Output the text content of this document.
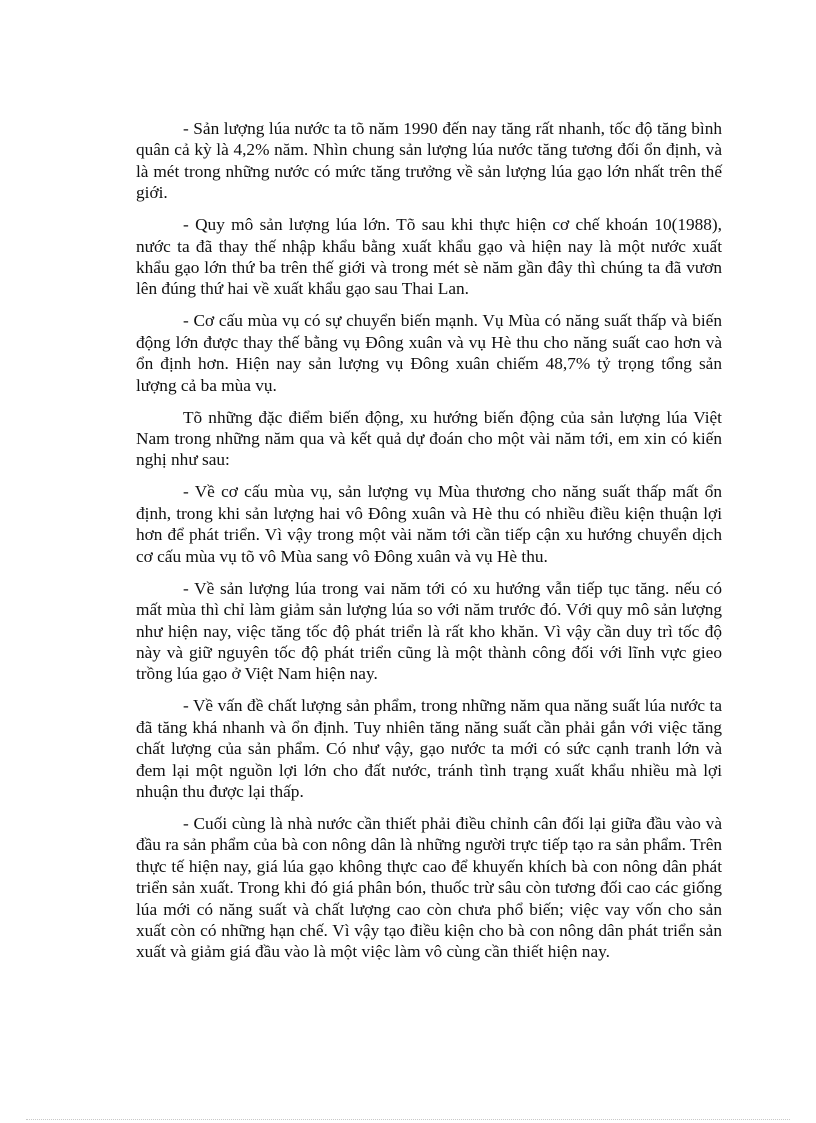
- Sản lượng lúa nước ta tõ năm 1990 đến nay tăng rất nhanh, tốc độ tăng bình quân cả kỳ là 4,2% năm. Nhìn chung sản lượng lúa nước tăng tương đối ổn định, và là mét trong những nước có mức tăng trưởng về sản lượng lúa gạo lớn nhất trên thế giới.

- Quy mô sản lượng lúa lớn. Tõ sau khi thực hiện cơ chế khoán 10(1988), nước ta đã thay thế nhập khẩu bằng xuất khẩu gạo và hiện nay là một nước xuất khẩu gạo lớn thứ ba trên thế giới và trong mét sè năm gần đây thì chúng ta đã vươn lên đúng thứ hai về xuất khẩu gạo sau Thai Lan.

- Cơ cấu mùa vụ có sự chuyển biến mạnh. Vụ Mùa có năng suất thấp và biến động lớn được thay thế bằng vụ Đông xuân và vụ Hè thu cho năng suất cao hơn và ổn định hơn. Hiện nay sản lượng vụ Đông xuân chiếm 48,7% tỷ trọng tổng sản lượng cả ba mùa vụ.

Tõ những đặc điểm biến động, xu hướng biến động của sản lượng lúa Việt Nam trong những năm qua và kết quả dự đoán cho một vài năm tới, em xin có kiến nghị như sau:

- Về cơ cấu mùa vụ, sản lượng vụ Mùa thương cho năng suất thấp mất ổn định, trong khi sản lượng hai vô Đông xuân và Hè thu có nhiều điều kiện thuận lợi hơn để phát triển. Vì vậy trong một vài năm tới cần tiếp cận xu hướng chuyển dịch cơ cấu mùa vụ tõ vô Mùa sang vô Đông xuân và vụ Hè thu.

- Về sản lượng lúa trong vai năm tới có xu hướng vẫn tiếp tục tăng. nếu có mất mùa thì chỉ làm giảm sản lượng lúa so với năm trước đó. Với quy mô sản lượng như hiện nay, việc tăng tốc độ phát triển là rất kho khăn. Vì vậy cần duy trì tốc độ này và giữ nguyên tốc độ phát triển cũng là một thành công đối với lĩnh vực gieo trồng lúa gạo ở Việt Nam hiện nay.

- Về vấn đề chất lượng sản phẩm, trong những năm qua năng suất lúa nước ta đã tăng khá nhanh và ổn định. Tuy nhiên tăng năng suất cần phải gắn với việc tăng chất lượng của sản phẩm. Có như vậy, gạo nước ta mới có sức cạnh tranh lớn và đem lại một nguồn lợi lớn cho đất nước, tránh tình trạng xuất khẩu nhiều mà lợi nhuận thu được lại thấp.

- Cuối cùng là nhà nước cần thiết phải điều chỉnh cân đối lại giữa đầu vào và đầu ra sản phẩm của bà con nông dân là những người trực tiếp tạo ra sản phẩm. Trên thực tế hiện nay, giá lúa gạo không thực cao để khuyến khích bà con nông dân phát triển sản xuất. Trong khi đó giá phân bón, thuốc trừ sâu còn tương đối cao các giống lúa mới có năng suất và chất lượng cao còn chưa phổ biến; việc vay vốn cho sản xuất còn có những hạn chế. Vì vậy tạo điều kiện cho bà con nông dân phát triển sản xuất và giảm giá đầu vào là một việc làm vô cùng cần thiết hiện nay.
